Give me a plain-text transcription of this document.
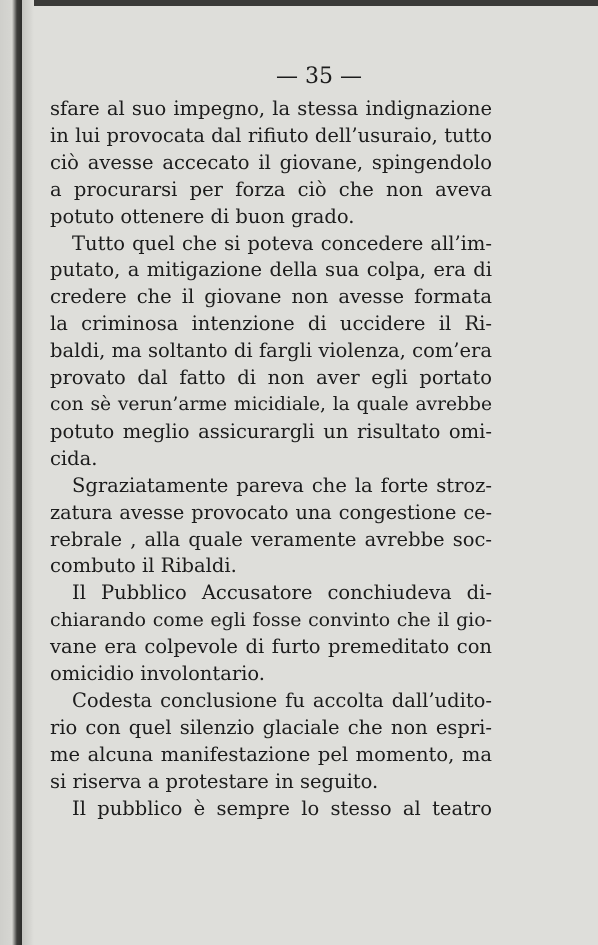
— 35 —
sfare al suo impegno, la stessa indignazione
in lui provocata dal rifiuto dell’usuraio, tutto
ciò avesse accecato il giovane, spingendolo
a procurarsi per forza ciò che non aveva
potuto ottenere di buon grado.
Tutto quel che si poteva concedere all’im-
putato, a mitigazione della sua colpa, era di
credere che il giovane non avesse formata
la criminosa intenzione di uccidere il Ri-
baldi, ma soltanto di fargli violenza, com’era
provato dal fatto di non aver egli portato
con sè verun’arme micidiale, la quale avrebbe
potuto meglio assicurargli un risultato omi-
cida.
Sgraziatamente pareva che la forte stroz-
zatura avesse provocato una congestione ce-
rebrale , alla quale veramente avrebbe soc-
combuto il Ribaldi.
Il Pubblico Accusatore conchiudeva di-
chiarando come egli fosse convinto che il gio-
vane era colpevole di furto premeditato con
omicidio involontario.
Codesta conclusione fu accolta dall’udito-
rio con quel silenzio glaciale che non espri-
me alcuna manifestazione pel momento, ma
si riserva a protestare in seguito.
Il pubblico è sempre lo stesso al teatro
